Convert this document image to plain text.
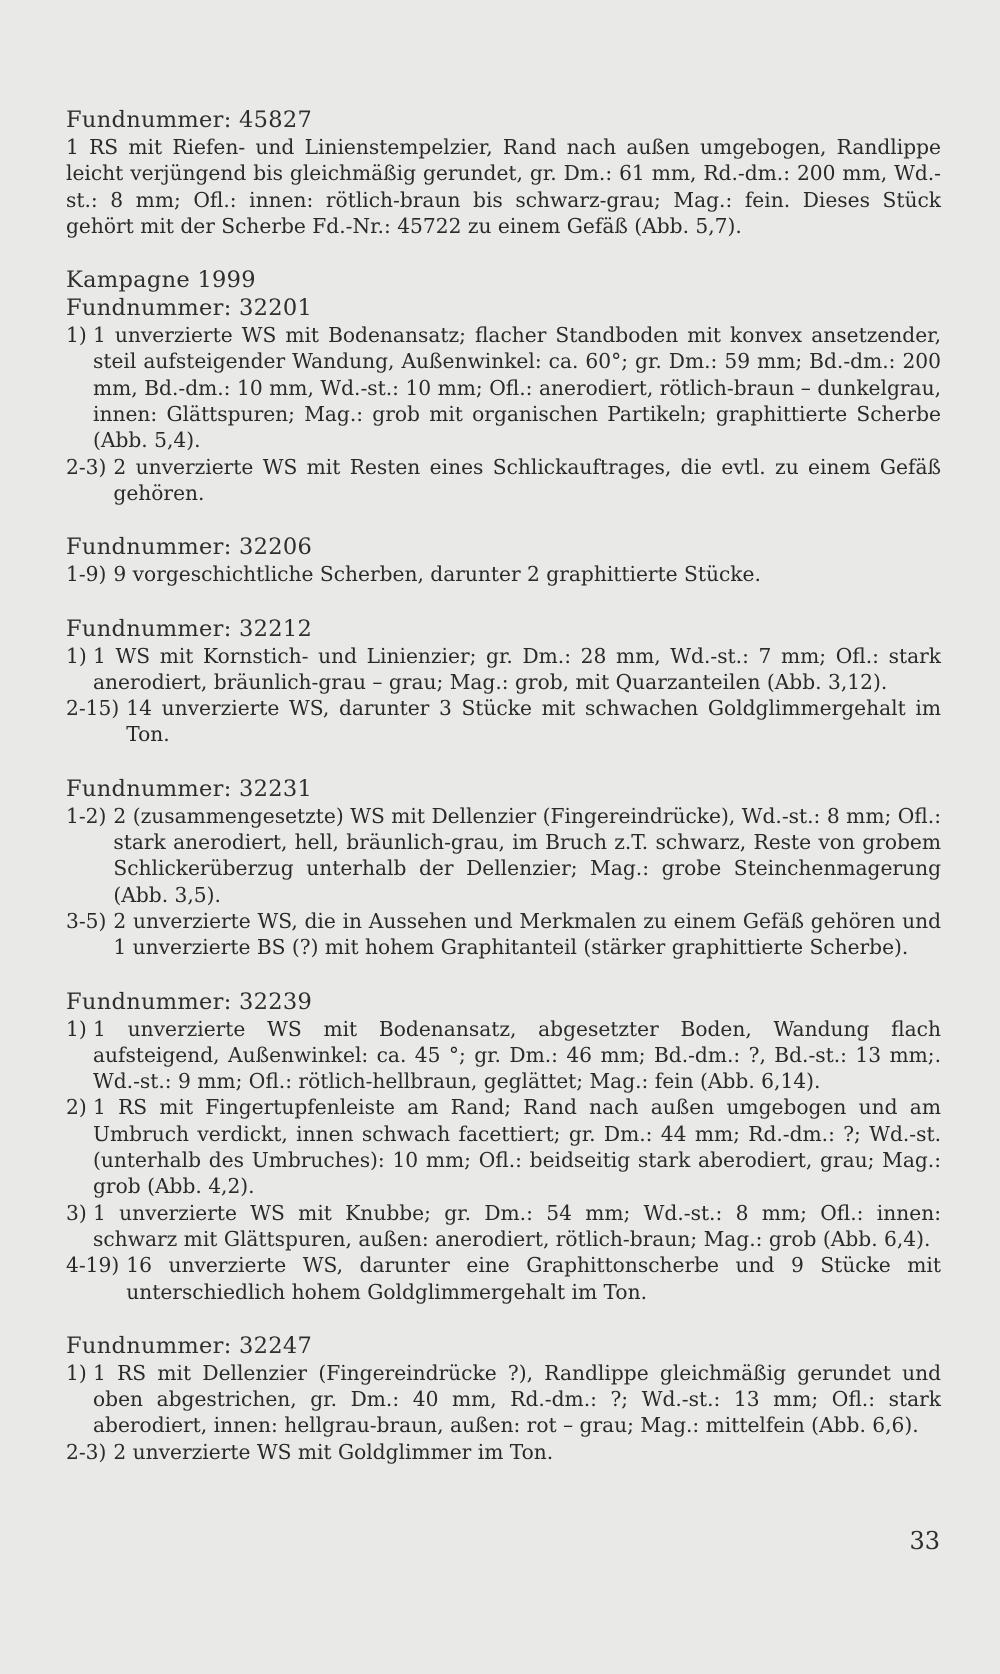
Fundnummer: 45827
1 RS mit Riefen- und Linienstempelzier, Rand nach außen umgebogen, Randlippe leicht verjüngend bis gleichmäßig gerundet, gr. Dm.: 61 mm, Rd.-dm.: 200 mm, Wd.-st.: 8 mm; Ofl.: innen: rötlich-braun bis schwarz-grau; Mag.: fein. Dieses Stück gehört mit der Scherbe Fd.-Nr.: 45722 zu einem Gefäß (Abb. 5,7).
Kampagne 1999
Fundnummer: 32201
1) 1 unverzierte WS mit Bodenansatz; flacher Standboden mit konvex ansetzender, steil aufsteigender Wandung, Außenwinkel: ca. 60°; gr. Dm.: 59 mm; Bd.-dm.: 200 mm, Bd.-dm.: 10 mm, Wd.-st.: 10 mm; Ofl.: anerodiert, rötlich-braun – dunkelgrau, innen: Glättspuren; Mag.: grob mit organischen Partikeln; graphittierte Scherbe (Abb. 5,4).
2-3) 2 unverzierte WS mit Resten eines Schlickauftrages, die evtl. zu einem Gefäß gehören.
Fundnummer: 32206
1-9) 9 vorgeschichtliche Scherben, darunter 2 graphittierte Stücke.
Fundnummer: 32212
1) 1 WS mit Kornstich- und Linienzier; gr. Dm.: 28 mm, Wd.-st.: 7 mm; Ofl.: stark anerodiert, bräunlich-grau – grau; Mag.: grob, mit Quarzanteilen (Abb. 3,12).
2-15) 14 unverzierte WS, darunter 3 Stücke mit schwachen Goldglimmergehalt im Ton.
Fundnummer: 32231
1-2) 2 (zusammengesetzte) WS mit Dellenzier (Fingereindrücke), Wd.-st.: 8 mm; Ofl.: stark anerodiert, hell, bräunlich-grau, im Bruch z.T. schwarz, Reste von grobem Schlickerüberzug unterhalb der Dellenzier; Mag.: grobe Steinchenmagerung (Abb. 3,5).
3-5) 2 unverzierte WS, die in Aussehen und Merkmalen zu einem Gefäß gehören und 1 unverzierte BS (?) mit hohem Graphitanteil (stärker graphittierte Scherbe).
Fundnummer: 32239
1) 1 unverzierte WS mit Bodenansatz, abgesetzter Boden, Wandung flach aufsteigend, Außenwinkel: ca. 45 °; gr. Dm.: 46 mm; Bd.-dm.: ?, Bd.-st.: 13 mm;. Wd.-st.: 9 mm; Ofl.: rötlich-hellbraun, geglättet; Mag.: fein (Abb. 6,14).
2) 1 RS mit Fingertupfenleiste am Rand; Rand nach außen umgebogen und am Umbruch verdickt, innen schwach facettiert; gr. Dm.: 44 mm; Rd.-dm.: ?; Wd.-st. (unterhalb des Umbruches): 10 mm; Ofl.: beidseitig stark aberodiert, grau; Mag.: grob (Abb. 4,2).
3) 1 unverzierte WS mit Knubbe; gr. Dm.: 54 mm; Wd.-st.: 8 mm; Ofl.: innen: schwarz mit Glättspuren, außen: anerodiert, rötlich-braun; Mag.: grob (Abb. 6,4).
4-19) 16 unverzierte WS, darunter eine Graphittonscherbe und 9 Stücke mit unterschiedlich hohem Goldglimmergehalt im Ton.
Fundnummer: 32247
1) 1 RS mit Dellenzier (Fingereindrücke ?), Randlippe gleichmäßig gerundet und oben abgestrichen, gr. Dm.: 40 mm, Rd.-dm.: ?; Wd.-st.: 13 mm; Ofl.: stark aberodiert, innen: hellgrau-braun, außen: rot – grau; Mag.: mittelfein (Abb. 6,6).
2-3) 2 unverzierte WS mit Goldglimmer im Ton.
33
